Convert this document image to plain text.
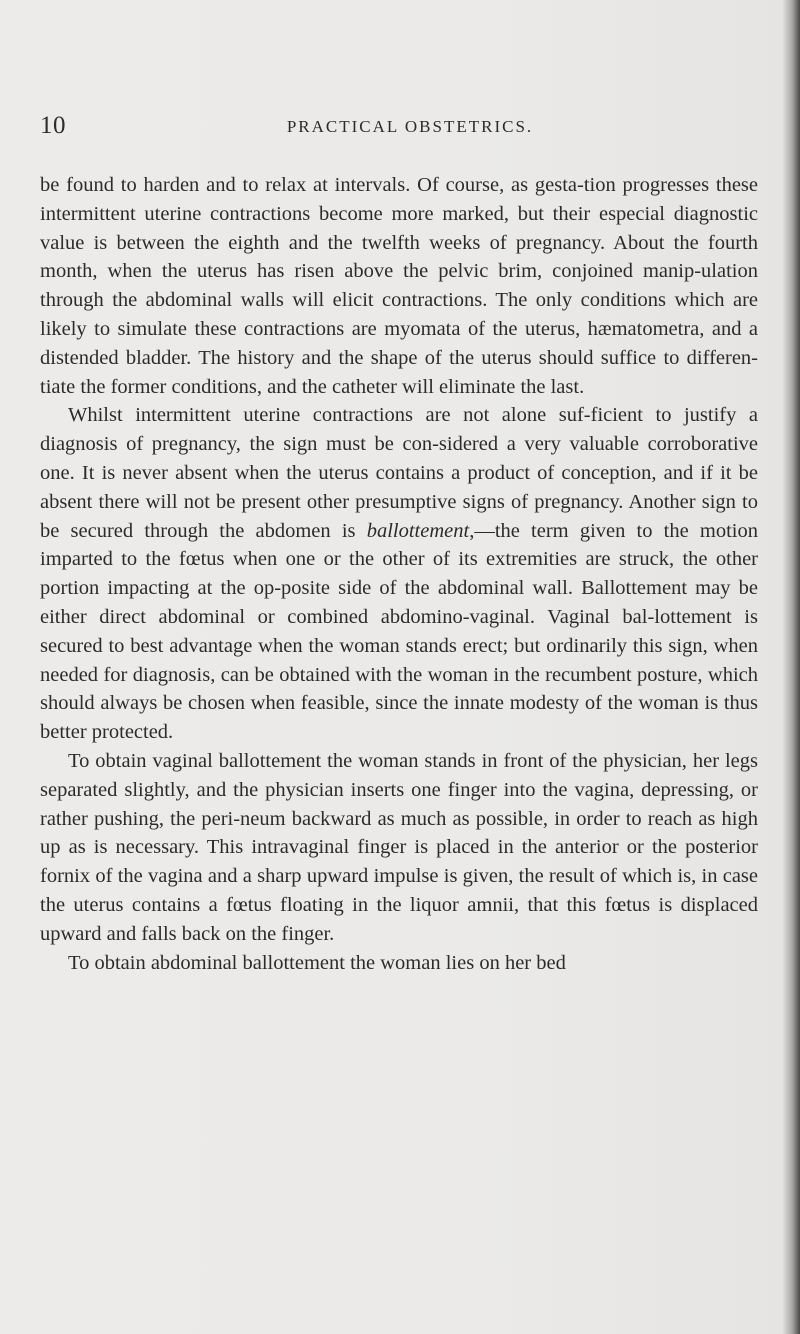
10	PRACTICAL OBSTETRICS.

be found to harden and to relax at intervals. Of course, as gesta-tion progresses these intermittent uterine contractions become more marked, but their especial diagnostic value is between the eighth and the twelfth weeks of pregnancy. About the fourth month, when the uterus has risen above the pelvic brim, conjoined manip-ulation through the abdominal walls will elicit contractions. The only conditions which are likely to simulate these contractions are myomata of the uterus, hæmatometra, and a distended bladder. The history and the shape of the uterus should suffice to differen-tiate the former conditions, and the catheter will eliminate the last.

Whilst intermittent uterine contractions are not alone suf-ficient to justify a diagnosis of pregnancy, the sign must be con-sidered a very valuable corroborative one. It is never absent when the uterus contains a product of conception, and if it be absent there will not be present other presumptive signs of pregnancy. Another sign to be secured through the abdomen is ballottement,—the term given to the motion imparted to the fœtus when one or the other of its extremities are struck, the other portion impacting at the op-posite side of the abdominal wall. Ballottement may be either direct abdominal or combined abdomino-vaginal. Vaginal bal-lottement is secured to best advantage when the woman stands erect; but ordinarily this sign, when needed for diagnosis, can be obtained with the woman in the recumbent posture, which should always be chosen when feasible, since the innate modesty of the woman is thus better protected.

To obtain vaginal ballottement the woman stands in front of the physician, her legs separated slightly, and the physician inserts one finger into the vagina, depressing, or rather pushing, the peri-neum backward as much as possible, in order to reach as high up as is necessary. This intravaginal finger is placed in the anterior or the posterior fornix of the vagina and a sharp upward impulse is given, the result of which is, in case the uterus contains a fœtus floating in the liquor amnii, that this fœtus is displaced upward and falls back on the finger.

To obtain abdominal ballottement the woman lies on her bed
